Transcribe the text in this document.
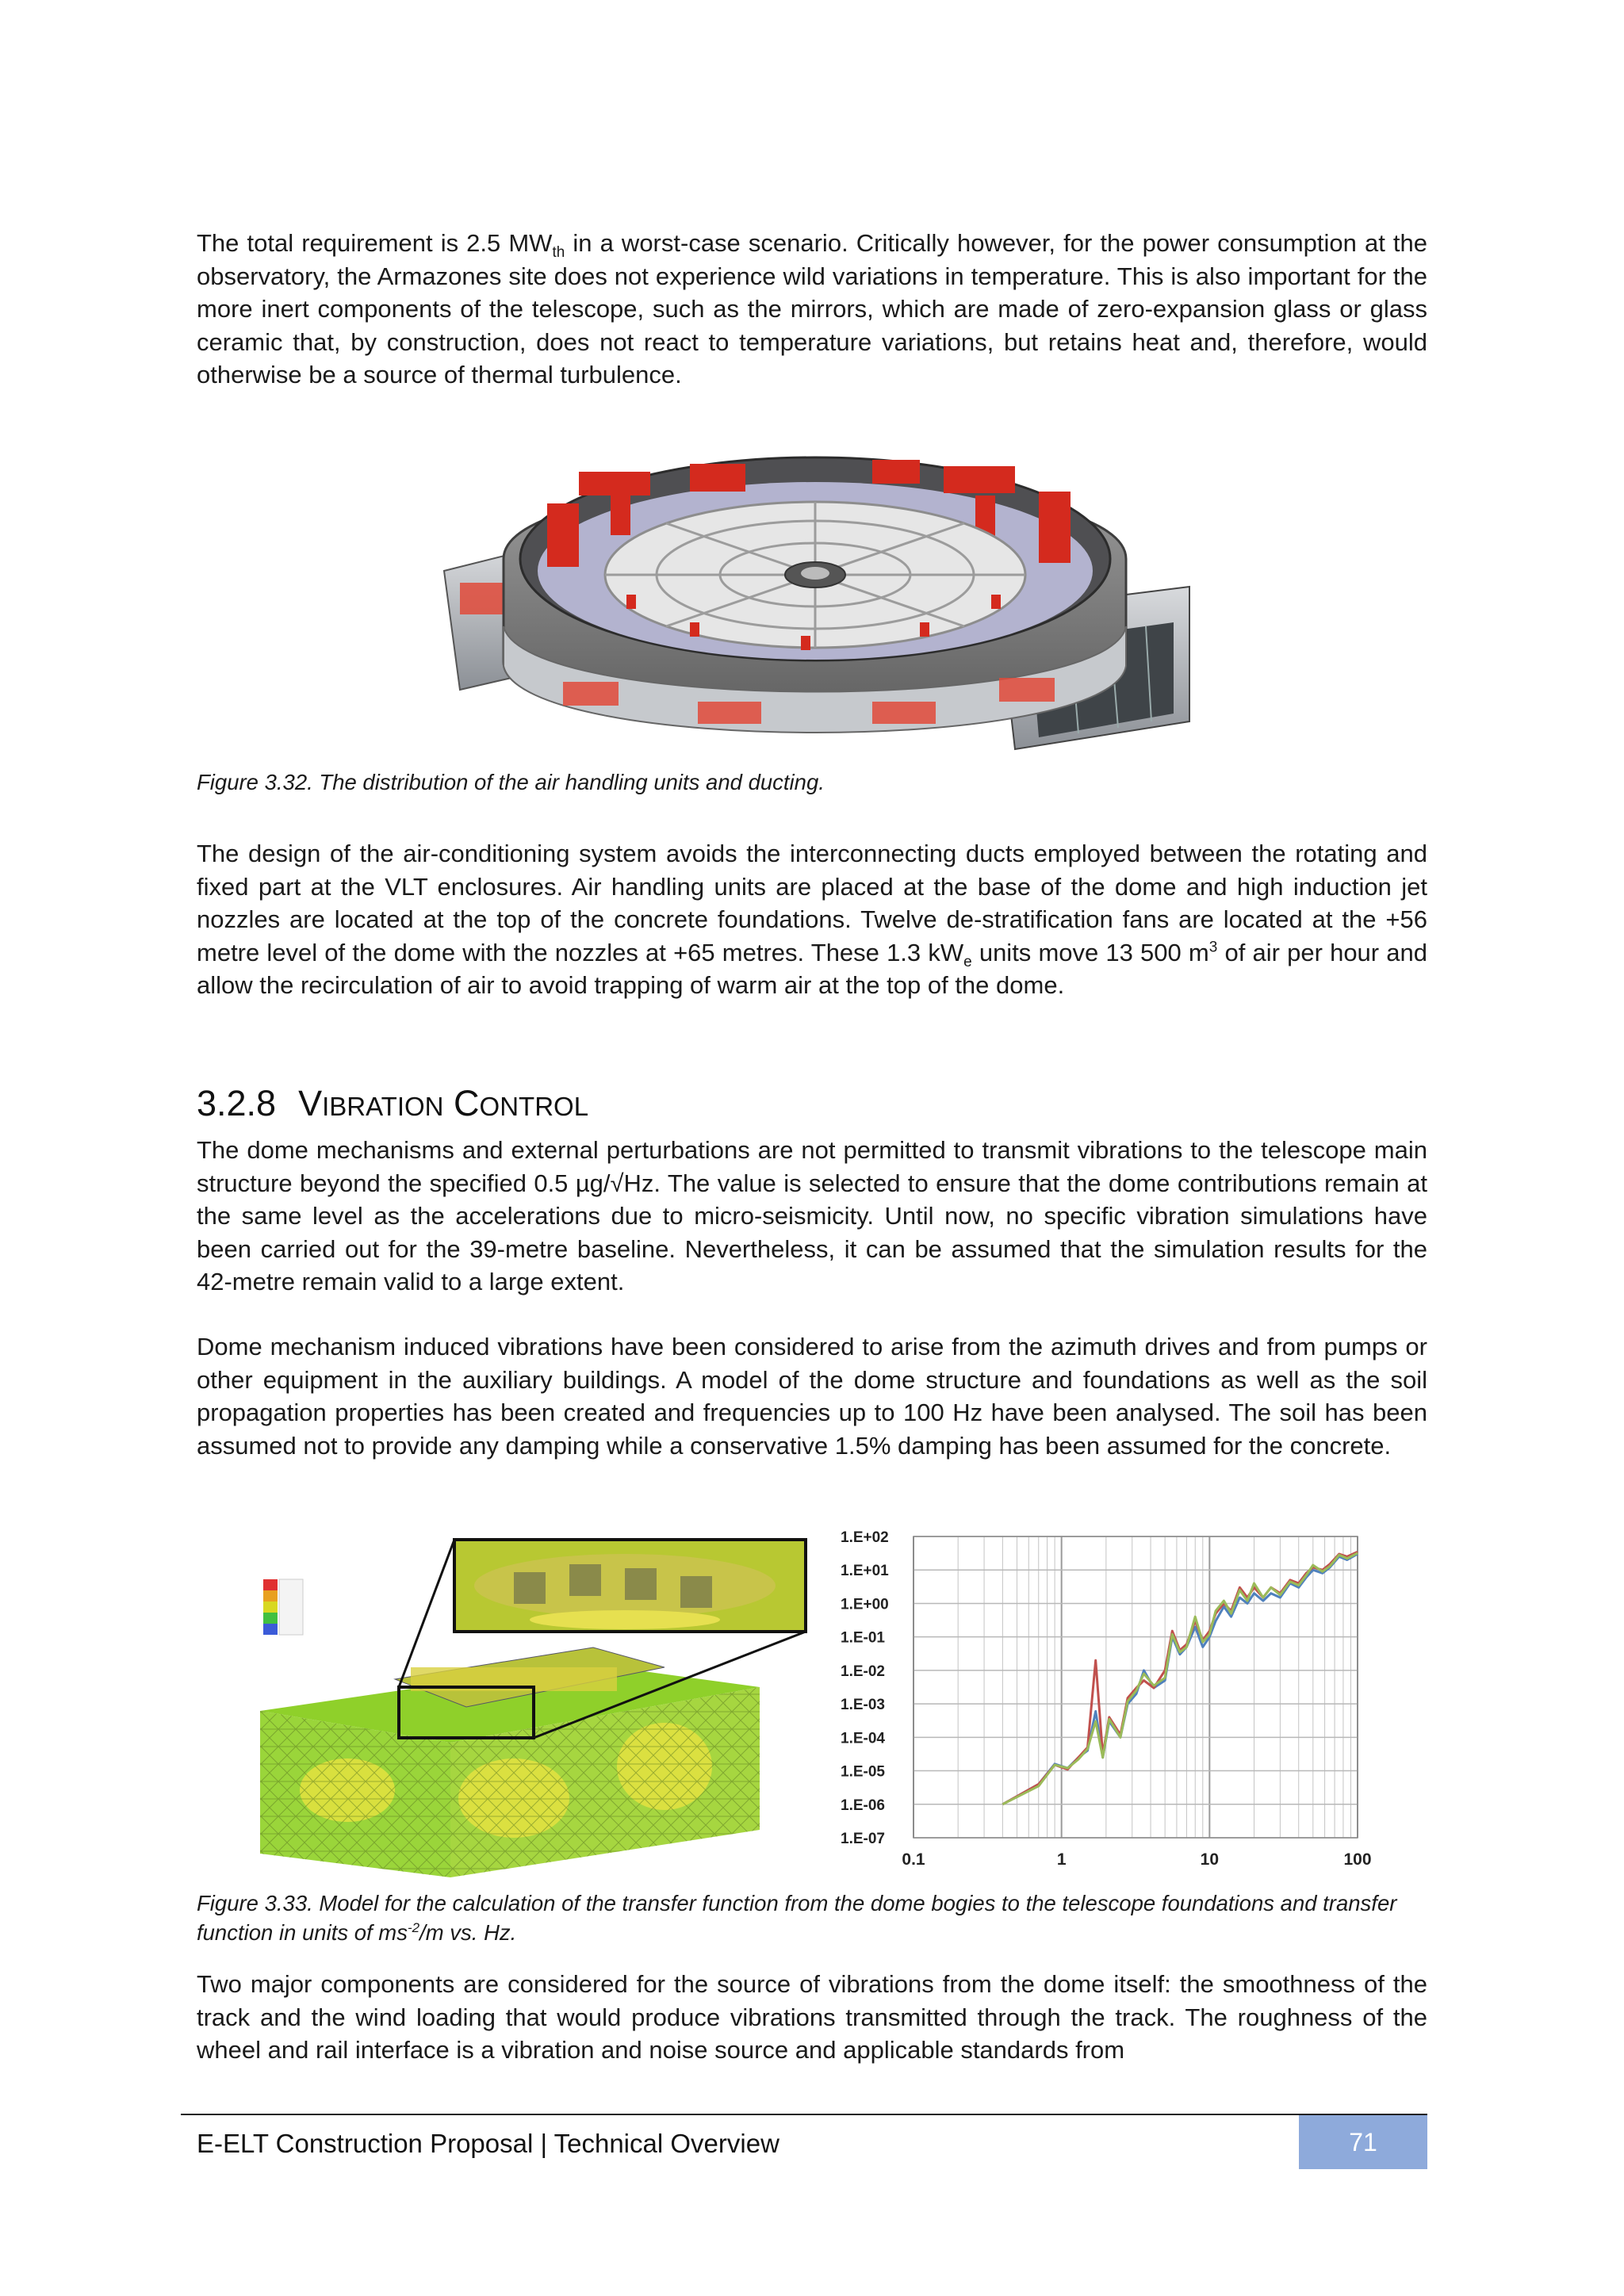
The total requirement is 2.5 $MW_{th}$ in a worst-case scenario. Critically however, for the power consumption at the observatory, the Armazones site does not experience wild variations in temperature. This is also important for the more inert components of the telescope, such as the mirrors, which are made of zero-expansion glass or glass ceramic that, by construction, does not react to temperature variations, but retains heat and, therefore, would otherwise be a source of thermal turbulence.

Figure 3.32. The distribution of the air handling units and ducting.

The design of the air-conditioning system avoids the interconnecting ducts employed between the rotating and fixed part at the VLT enclosures. Air handling units are placed at the base of the dome and high induction jet nozzles are located at the top of the concrete foundations. Twelve de-stratification fans are located at the +56 metre level of the dome with the nozzles at +65 metres. These 1.3 $kW_e$ units move 13 500 $m^3$ of air per hour and allow the recirculation of air to avoid trapping of warm air at the top of the dome.

3.2.8 VIBRATION CONTROL

The dome mechanisms and external perturbations are not permitted to transmit vibrations to the telescope main structure beyond the specified 0.5 µg/√Hz. The value is selected to ensure that the dome contributions remain at the same level as the accelerations due to micro-seismicity. Until now, no specific vibration simulations have been carried out for the 39-metre baseline. Nevertheless, it can be assumed that the simulation results for the 42-metre remain valid to a large extent.

Dome mechanism induced vibrations have been considered to arise from the azimuth drives and from pumps or other equipment in the auxiliary buildings. A model of the dome structure and foundations as well as the soil propagation properties has been created and frequencies up to 100 Hz have been analysed. The soil has been assumed not to provide any damping while a conservative 1.5% damping has been assumed for the concrete.

1.E+02
1.E+01
1.E+00
1.E-01
1.E-02
1.E-03
1.E-04
1.E-05
1.E-06
1.E-07
0.1	1	10	100

Figure 3.33. Model for the calculation of the transfer function from the dome bogies to the telescope foundations and transfer function in units of $ms^{-2}/m$ vs. Hz.

Two major components are considered for the source of vibrations from the dome itself: the smoothness of the track and the wind loading that would produce vibrations transmitted through the track. The roughness of the wheel and rail interface is a vibration and noise source and applicable standards from

E-ELT Construction Proposal | Technical Overview	71
